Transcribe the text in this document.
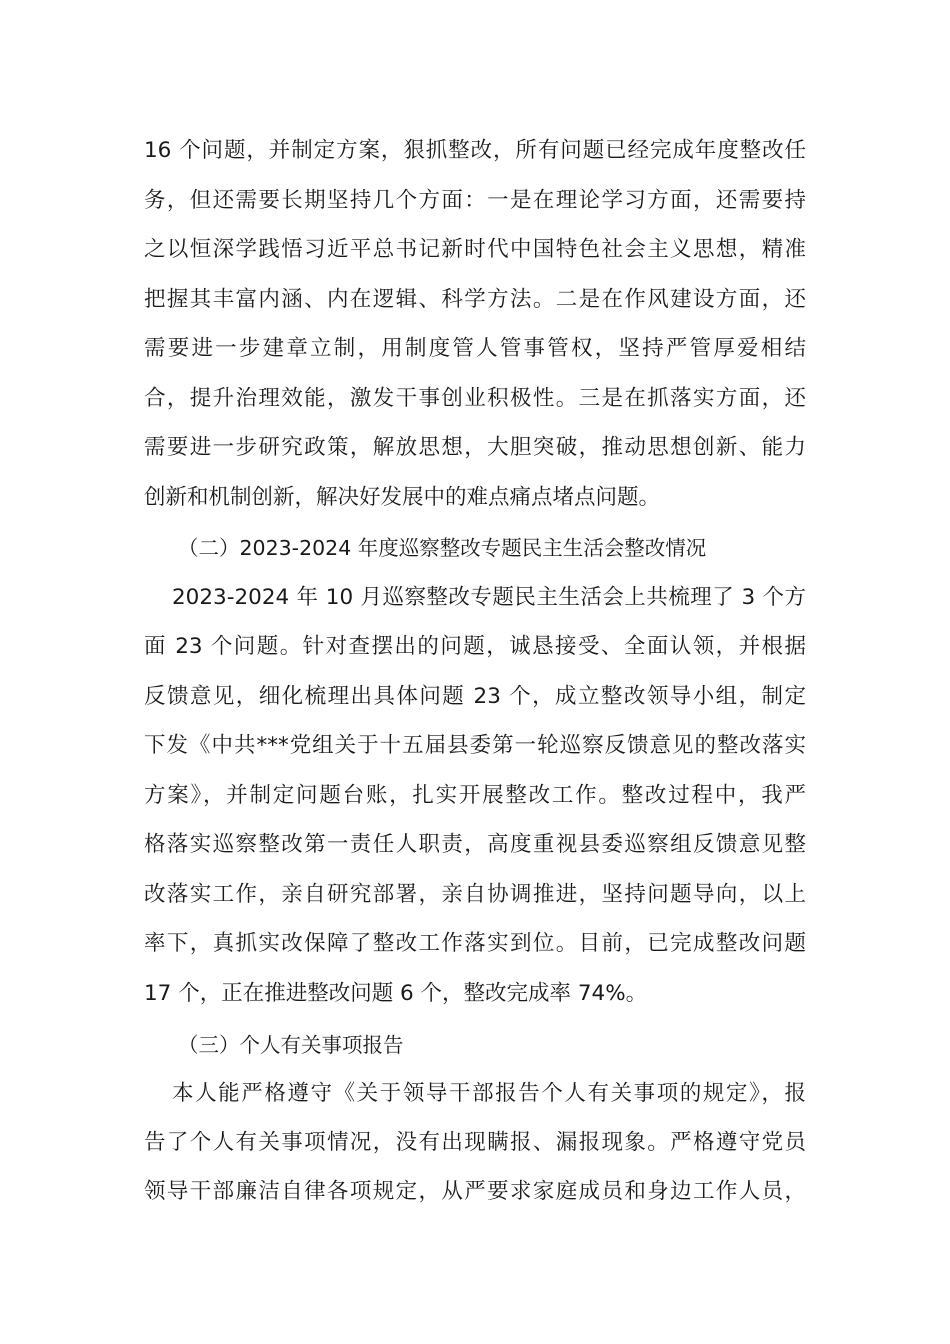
16 个问题，并制定方案，狠抓整改，所有问题已经完成年度整改任
务，但还需要长期坚持几个方面：一是在理论学习方面，还需要持
之以恒深学践悟习近平总书记新时代中国特色社会主义思想，精准
把握其丰富内涵、内在逻辑、科学方法。二是在作风建设方面，还
需要进一步建章立制，用制度管人管事管权，坚持严管厚爱相结
合，提升治理效能，激发干事创业积极性。三是在抓落实方面，还
需要进一步研究政策，解放思想，大胆突破，推动思想创新、能力
创新和机制创新，解决好发展中的难点痛点堵点问题。
（二）2023-2024 年度巡察整改专题民主生活会整改情况
2023-2024 年 10 月巡察整改专题民主生活会上共梳理了 3 个方
面 23 个问题。针对查摆出的问题，诚恳接受、全面认领，并根据
反馈意见，细化梳理出具体问题 23 个，成立整改领导小组，制定
下发《中共***党组关于十五届县委第一轮巡察反馈意见的整改落实
方案》，并制定问题台账，扎实开展整改工作。整改过程中，我严
格落实巡察整改第一责任人职责，高度重视县委巡察组反馈意见整
改落实工作，亲自研究部署，亲自协调推进，坚持问题导向，以上
率下，真抓实改保障了整改工作落实到位。目前，已完成整改问题
17 个，正在推进整改问题 6 个，整改完成率 74%。
（三）个人有关事项报告
本人能严格遵守《关于领导干部报告个人有关事项的规定》，报
告了个人有关事项情况，没有出现瞒报、漏报现象。严格遵守党员
领导干部廉洁自律各项规定，从严要求家庭成员和身边工作人员，
